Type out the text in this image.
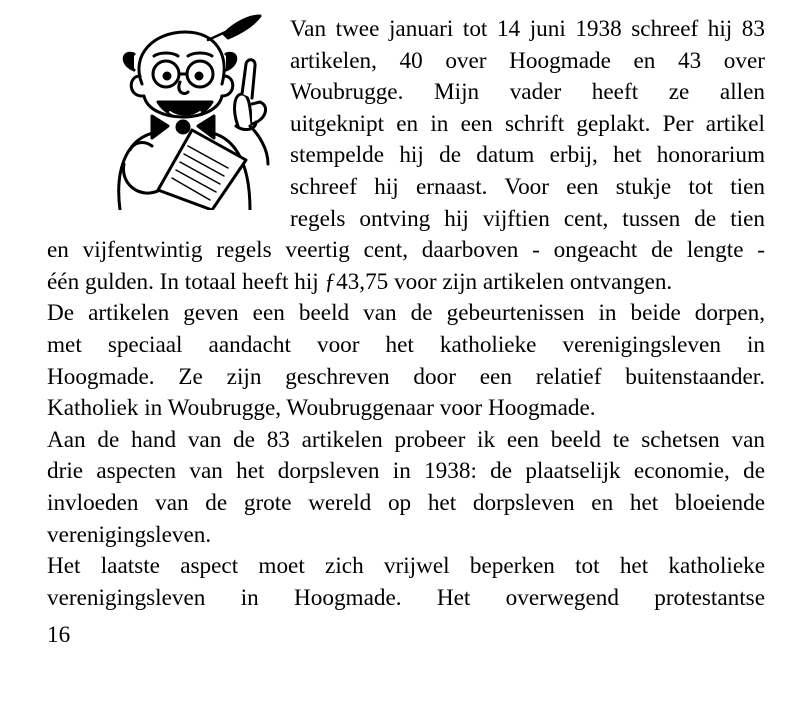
Van twee januari tot 14 juni 1938 schreef hij 83
artikelen, 40 over Hoogmade en 43 over
Woubrugge. Mijn vader heeft ze allen
uitgeknipt en in een schrift geplakt. Per artikel
stempelde hij de datum erbij, het honorarium
schreef hij ernaast. Voor een stukje tot tien
regels ontving hij vijftien cent, tussen de tien
en vijfentwintig regels veertig cent, daarboven - ongeacht de lengte -
één gulden. In totaal heeft hij ƒ43,75 voor zijn artikelen ontvangen.
De artikelen geven een beeld van de gebeurtenissen in beide dorpen,
met speciaal aandacht voor het katholieke verenigingsleven in
Hoogmade. Ze zijn geschreven door een relatief buitenstaander.
Katholiek in Woubrugge, Woubruggenaar voor Hoogmade.
Aan de hand van de 83 artikelen probeer ik een beeld te schetsen van
drie aspecten van het dorpsleven in 1938: de plaatselijk economie, de
invloeden van de grote wereld op het dorpsleven en het bloeiende
verenigingsleven.
Het laatste aspect moet zich vrijwel beperken tot het katholieke
verenigingsleven in Hoogmade. Het overwegend protestantse
16
